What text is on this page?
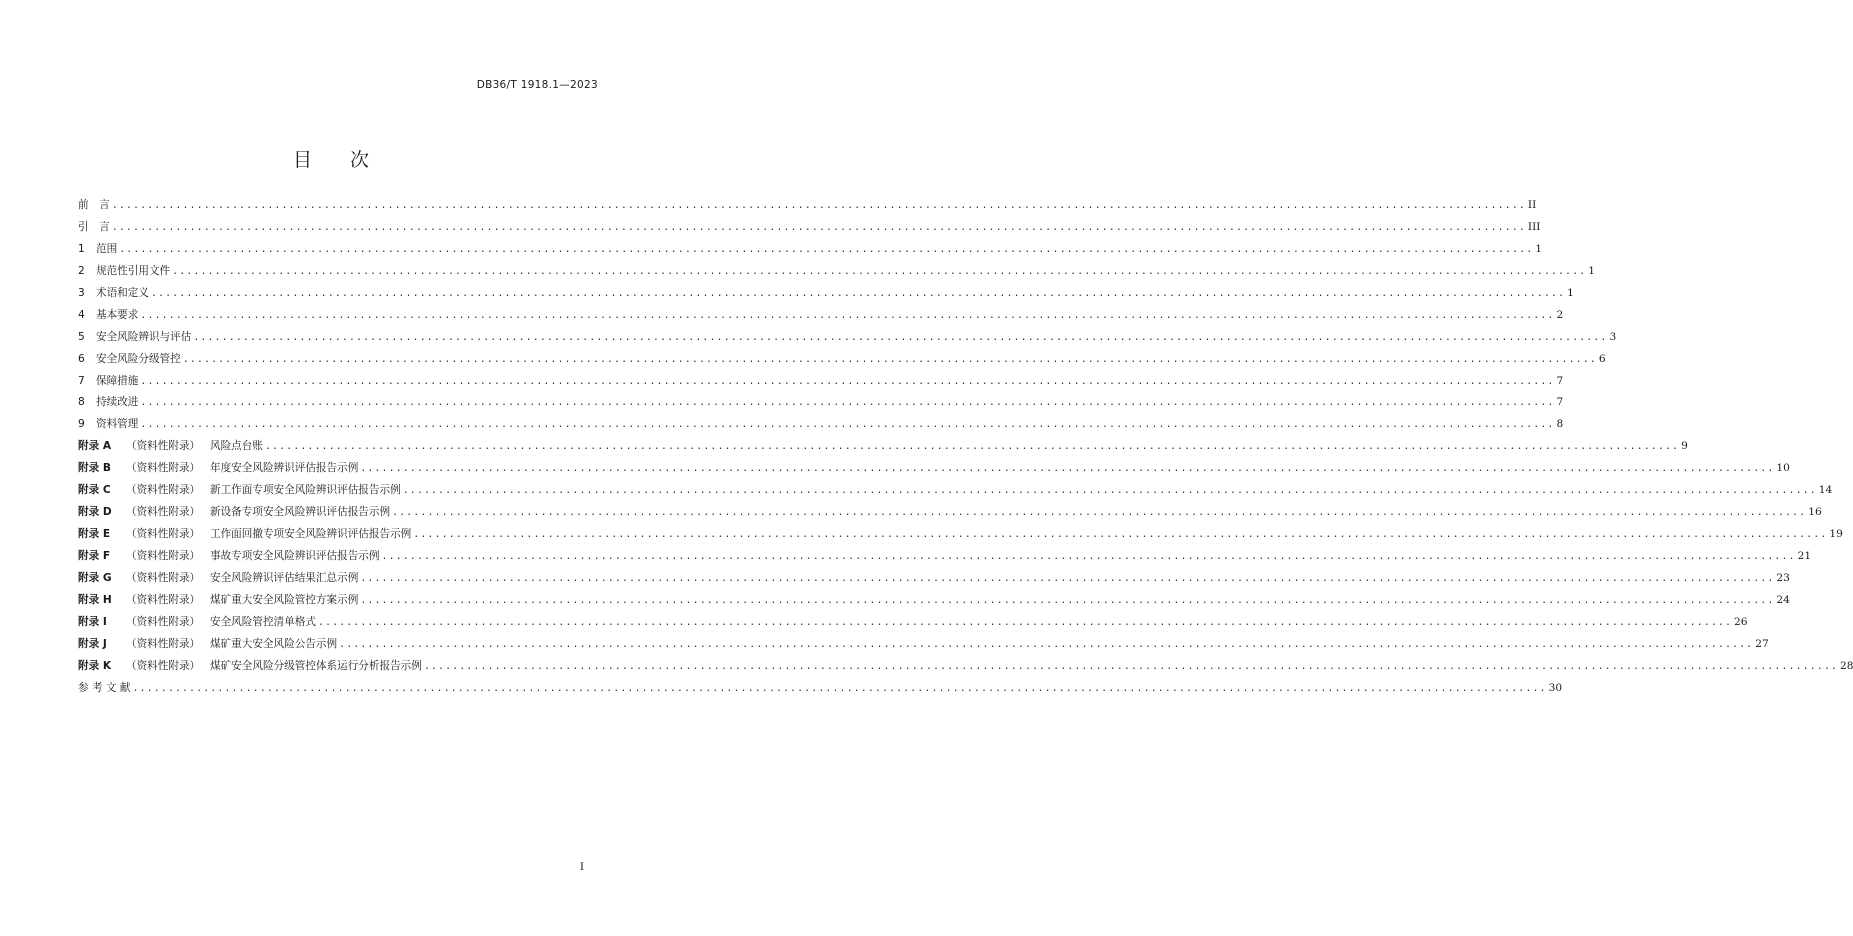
DB36/T 1918.1—2023
目　　次
前　言 ........................................................................................................................................................................................................ II
引　言 ........................................................................................................................................................................................................ III
1	范围 ........................................................................................................................................................................................................ 1
2	规范性引用文件 ........................................................................................................................................................................................................ 1
3	术语和定义 ........................................................................................................................................................................................................ 1
4	基本要求 ........................................................................................................................................................................................................ 2
5	安全风险辨识与评估 ........................................................................................................................................................................................................ 3
6	安全风险分级管控 ........................................................................................................................................................................................................ 6
7	保障措施 ........................................................................................................................................................................................................ 7
8	持续改进 ........................................................................................................................................................................................................ 7
9	资料管理 ........................................................................................................................................................................................................ 8
附录 A	（资料性附录） 风险点台账 ........................................................................................................................................................................................................ 9
附录 B	（资料性附录） 年度安全风险辨识评估报告示例 ........................................................................................................................................................................................................ 10
附录 C	（资料性附录） 新工作面专项安全风险辨识评估报告示例 ........................................................................................................................................................................................................ 14
附录 D	（资料性附录） 新设备专项安全风险辨识评估报告示例 ........................................................................................................................................................................................................ 16
附录 E	（资料性附录） 工作面回撤专项安全风险辨识评估报告示例 ........................................................................................................................................................................................................ 19
附录 F	（资料性附录） 事故专项安全风险辨识评估报告示例 ........................................................................................................................................................................................................ 21
附录 G	（资料性附录） 安全风险辨识评估结果汇总示例 ........................................................................................................................................................................................................ 23
附录 H	（资料性附录） 煤矿重大安全风险管控方案示例 ........................................................................................................................................................................................................ 24
附录 I	（资料性附录） 安全风险管控清单格式 ........................................................................................................................................................................................................ 26
附录 J	（资料性附录） 煤矿重大安全风险公告示例 ........................................................................................................................................................................................................ 27
附录 K	（资料性附录） 煤矿安全风险分级管控体系运行分析报告示例 ........................................................................................................................................................................................................ 28
参 考 文 献 ........................................................................................................................................................................................................ 30
I
